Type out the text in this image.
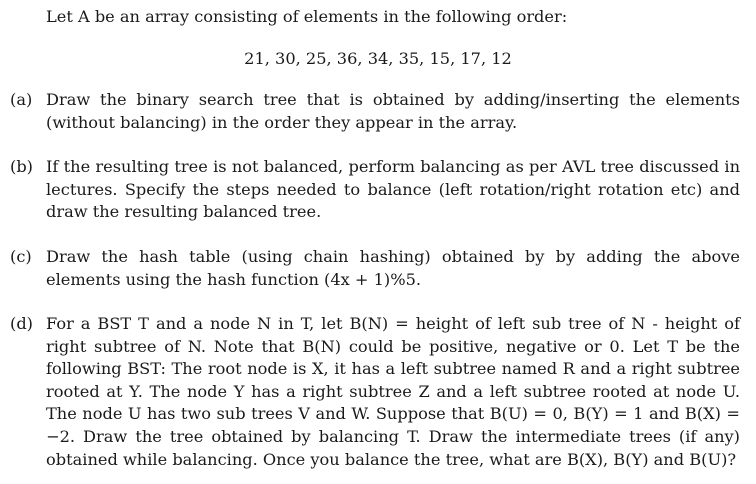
Let A be an array consisting of elements in the following order:

21, 30, 25, 36, 34, 35, 15, 17, 12

(a) Draw the binary search tree that is obtained by adding/inserting the elements (without balancing) in the order they appear in the array.
(b) If the resulting tree is not balanced, perform balancing as per AVL tree discussed in lectures. Specify the steps needed to balance (left rotation/right rotation etc) and draw the resulting balanced tree.
(c) Draw the hash table (using chain hashing) obtained by by adding the above elements using the hash function (4x + 1)%5.
(d) For a BST T and a node N in T, let B(N) = height of left sub tree of N - height of right subtree of N. Note that B(N) could be positive, negative or 0. Let T be the following BST: The root node is X, it has a left subtree named R and a right subtree rooted at Y. The node Y has a right subtree Z and a left subtree rooted at node U. The node U has two sub trees V and W. Suppose that B(U) = 0, B(Y) = 1 and B(X) = −2. Draw the tree obtained by balancing T. Draw the intermediate trees (if any) obtained while balancing. Once you balance the tree, what are B(X), B(Y) and B(U)?
